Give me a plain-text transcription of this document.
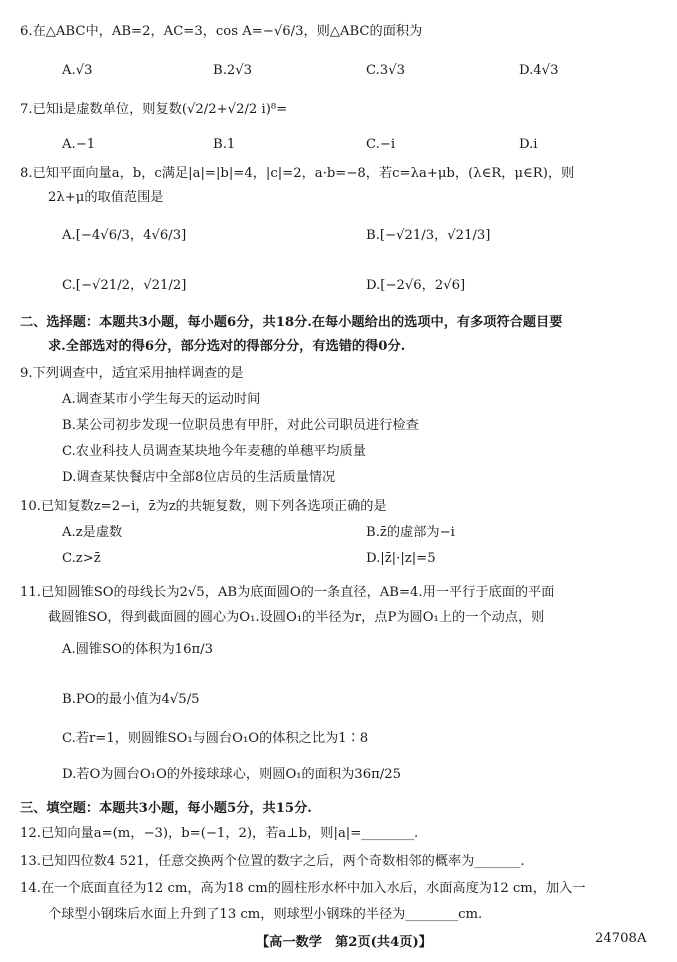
6.在△ABC中，AB=2，AC=3，cos A=−√6/3，则△ABC的面积为
A.√3	B.2√3	C.3√3	D.4√3
7.已知i是虚数单位，则复数(√2/2+√2/2 i)⁸=
A.−1	B.1	C.−i	D.i
8.已知平面向量a，b，c满足|a|=|b|=4，|c|=2，a·b=−8，若c=λa+μb，(λ∈R，μ∈R)，则
2λ+μ的取值范围是
A.[−4√6/3，4√6/3]	B.[−√21/3，√21/3]
C.[−√21/2，√21/2]	D.[−2√6，2√6]
二、选择题：本题共3小题，每小题6分，共18分.在每小题给出的选项中，有多项符合题目要
求.全部选对的得6分，部分选对的得部分分，有选错的得0分.
9.下列调查中，适宜采用抽样调查的是
A.调查某市小学生每天的运动时间
B.某公司初步发现一位职员患有甲肝，对此公司职员进行检查
C.农业科技人员调查某块地今年麦穗的单穗平均质量
D.调查某快餐店中全部8位店员的生活质量情况
10.已知复数z=2−i，z̄为z的共轭复数，则下列各选项正确的是
A.z是虚数	B.z̄的虚部为−i
C.z>z̄	D.|z̄|·|z|=5
11.已知圆锥SO的母线长为2√5，AB为底面圆O的一条直径，AB=4.用一平行于底面的平面
截圆锥SO，得到截面圆的圆心为O₁.设圆O₁的半径为r，点P为圆O₁上的一个动点，则
A.圆锥SO的体积为16π/3
B.PO的最小值为4√5/5
C.若r=1，则圆锥SO₁与圆台O₁O的体积之比为1∶8
D.若O为圆台O₁O的外接球球心，则圆O₁的面积为36π/25
三、填空题：本题共3小题，每小题5分，共15分.
12.已知向量a=(m，−3)，b=(−1，2)，若a⊥b，则|a|=________.
13.已知四位数4 521，任意交换两个位置的数字之后，两个奇数相邻的概率为_______.
14.在一个底面直径为12 cm，高为18 cm的圆柱形水杯中加入水后，水面高度为12 cm，加入一
个球型小钢珠后水面上升到了13 cm，则球型小钢珠的半径为________cm.
【高一数学　第2页(共4页)】	24708A
